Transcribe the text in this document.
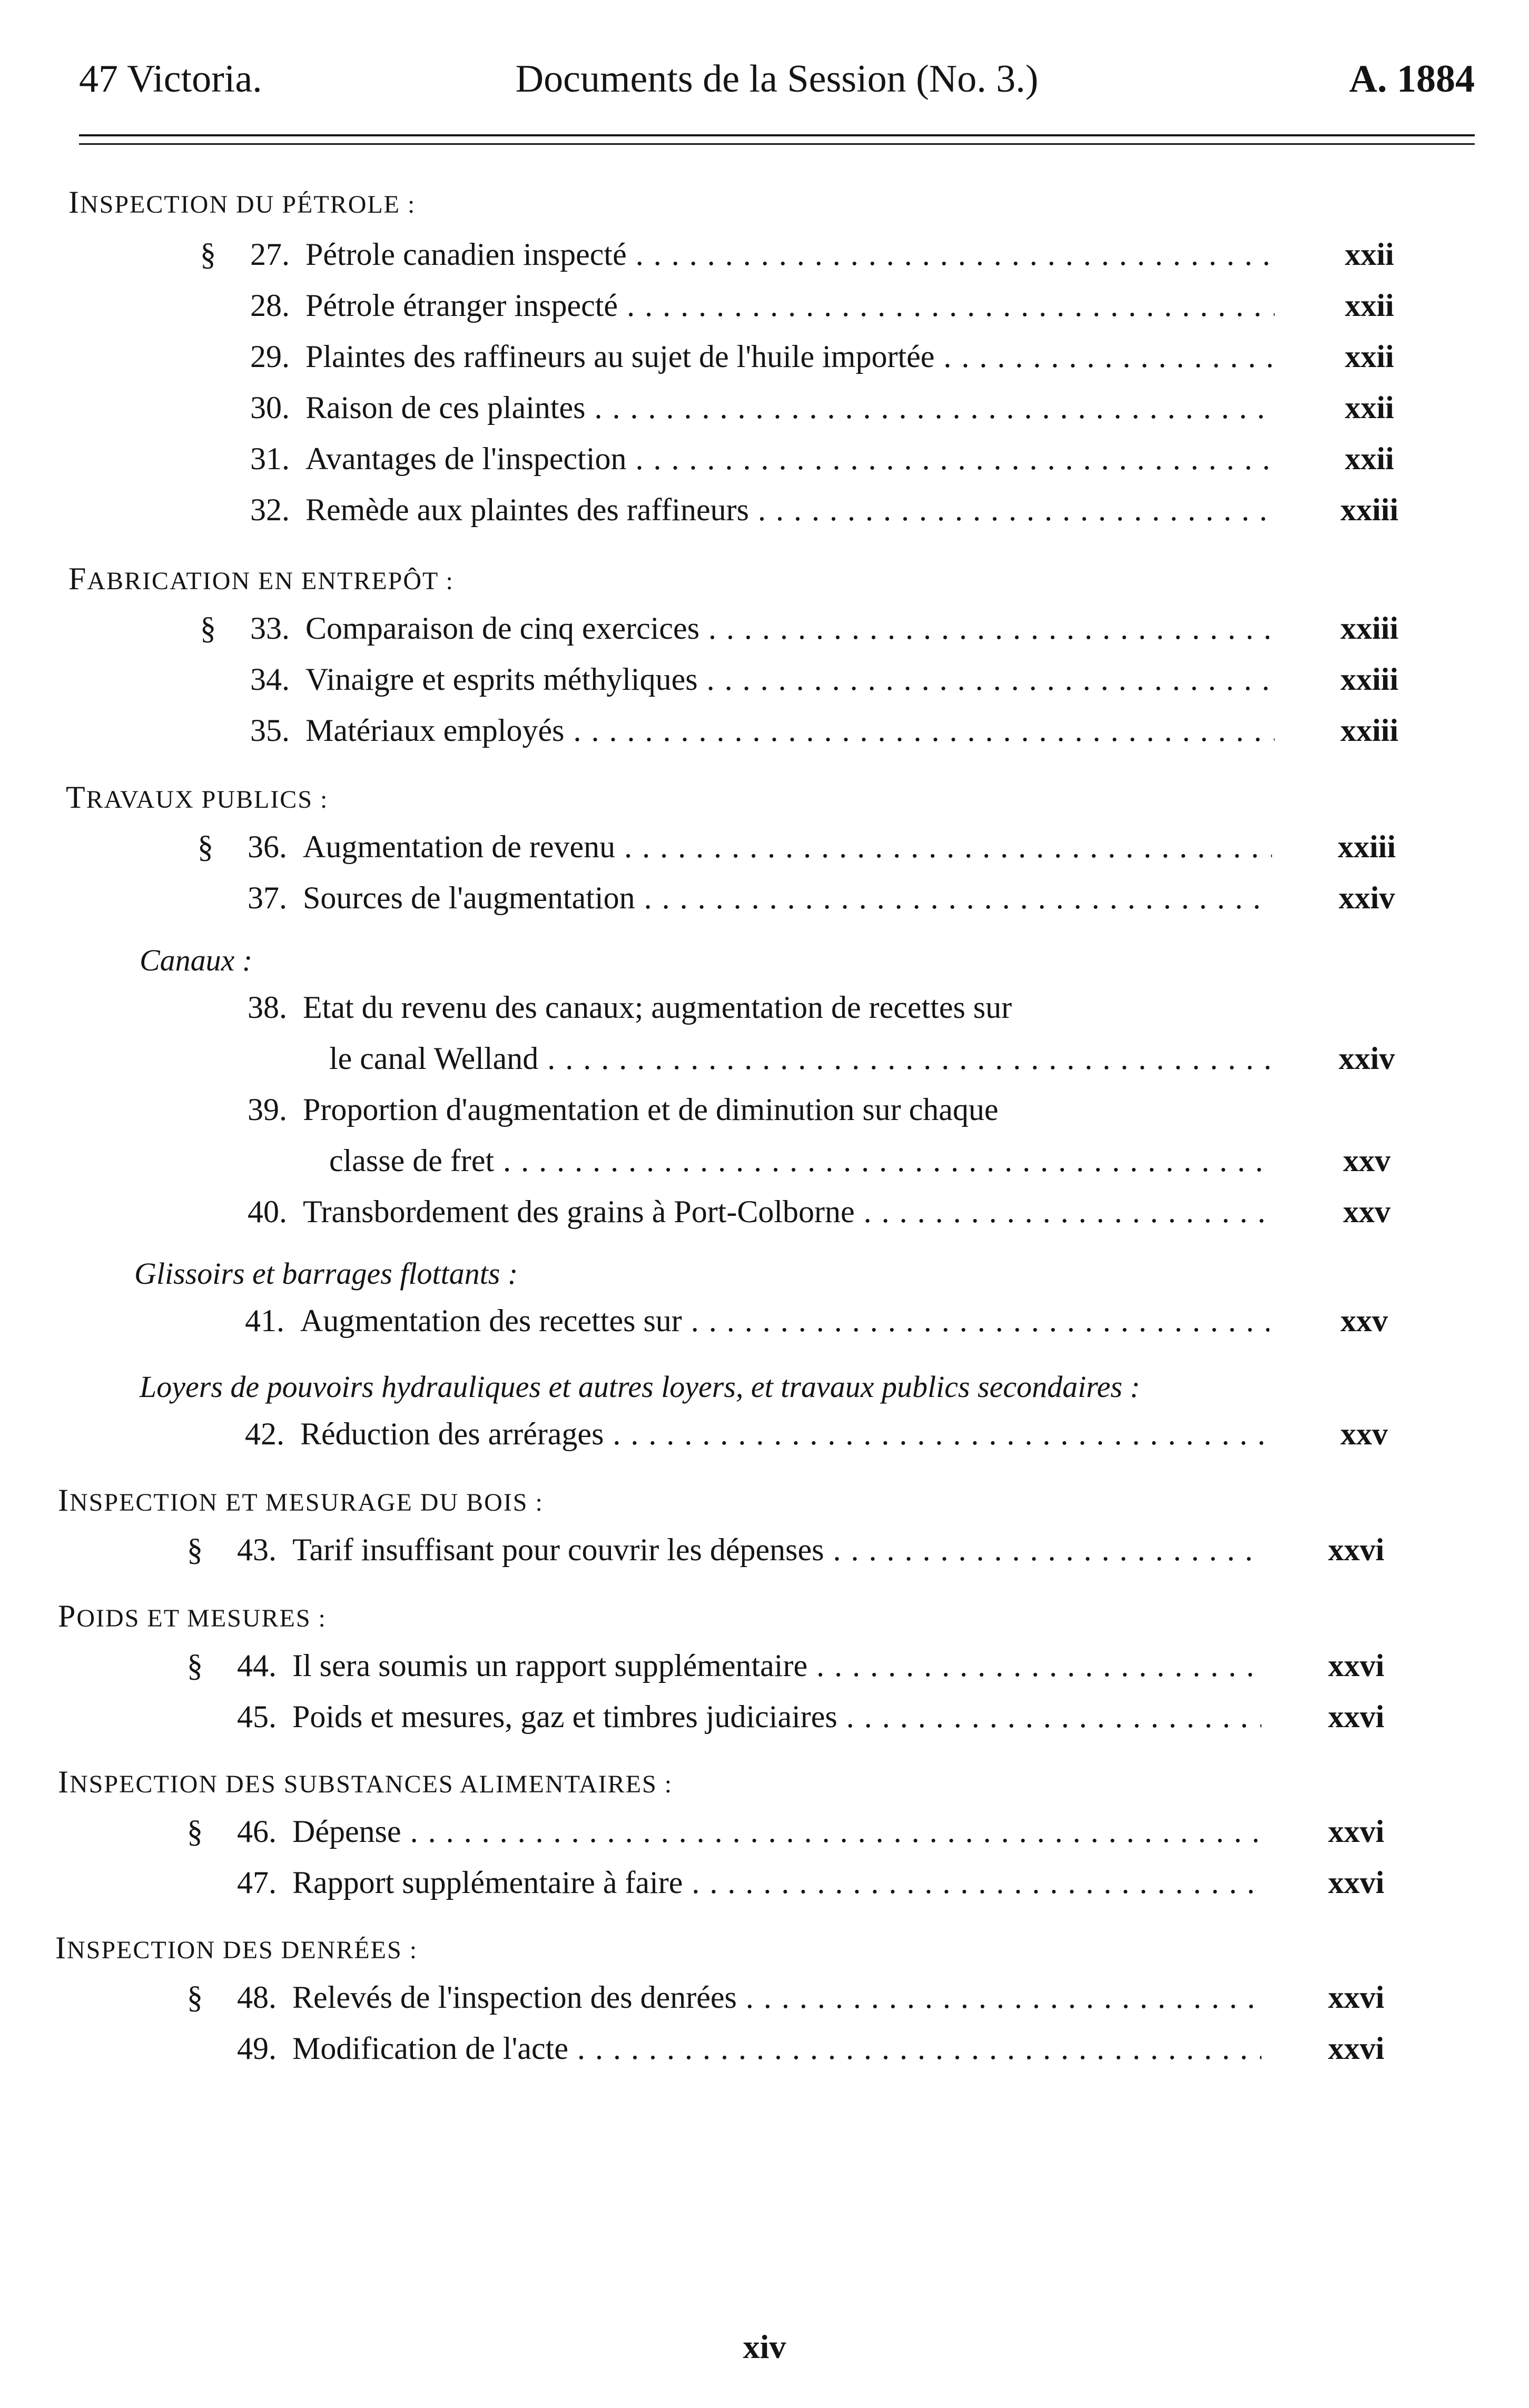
47 Victoria.	Documents de la Session (No. 3.)	A. 1884
INSPECTION DU PÉTROLE :
§	27. Pétrole canadien inspecté . . .	xxii
28. Pétrole étranger inspecté . . .	xxii
29. Plaintes des raffineurs au sujet de l'huile importée . . .	xxii
30. Raison de ces plaintes . . .	xxii
31. Avantages de l'inspection . . .	xxii
32. Remède aux plaintes des raffineurs . . .	xxiii
FABRICATION EN ENTREPÔT :
§	33. Comparaison de cinq exercices . . .	xxiii
34. Vinaigre et esprits méthyliques . . .	xxiii
35. Matériaux employés . . .	xxiii
TRAVAUX PUBLICS :
§	36. Augmentation de revenu . . .	xxiii
37. Sources de l'augmentation . . .	xxiv
Canaux :
38. Etat du revenu des canaux; augmentation de recettes sur
le canal Welland . . .	xxiv
39. Proportion d'augmentation et de diminution sur chaque
classe de fret . . .	xxv
40. Transbordement des grains à Port-Colborne . . .	xxv
Glissoirs et barrages flottants :
41. Augmentation des recettes sur . . .	xxv
Loyers de pouvoirs hydrauliques et autres loyers, et travaux publics secondaires :
42. Réduction des arrérages . . .	xxv
INSPECTION ET MESURAGE DU BOIS :
§	43. Tarif insuffisant pour couvrir les dépenses . . .	xxvi
POIDS ET MESURES :
§	44. Il sera soumis un rapport supplémentaire . . .	xxvi
45. Poids et mesures, gaz et timbres judiciaires . . .	xxvi
INSPECTION DES SUBSTANCES ALIMENTAIRES :
§	46. Dépense . . .	xxvi
47. Rapport supplémentaire à faire . . .	xxvi
INSPECTION DES DENRÉES :
§	48. Relevés de l'inspection des denrées . . .	xxvi
49. Modification de l'acte . . .	xxvi
xiv
